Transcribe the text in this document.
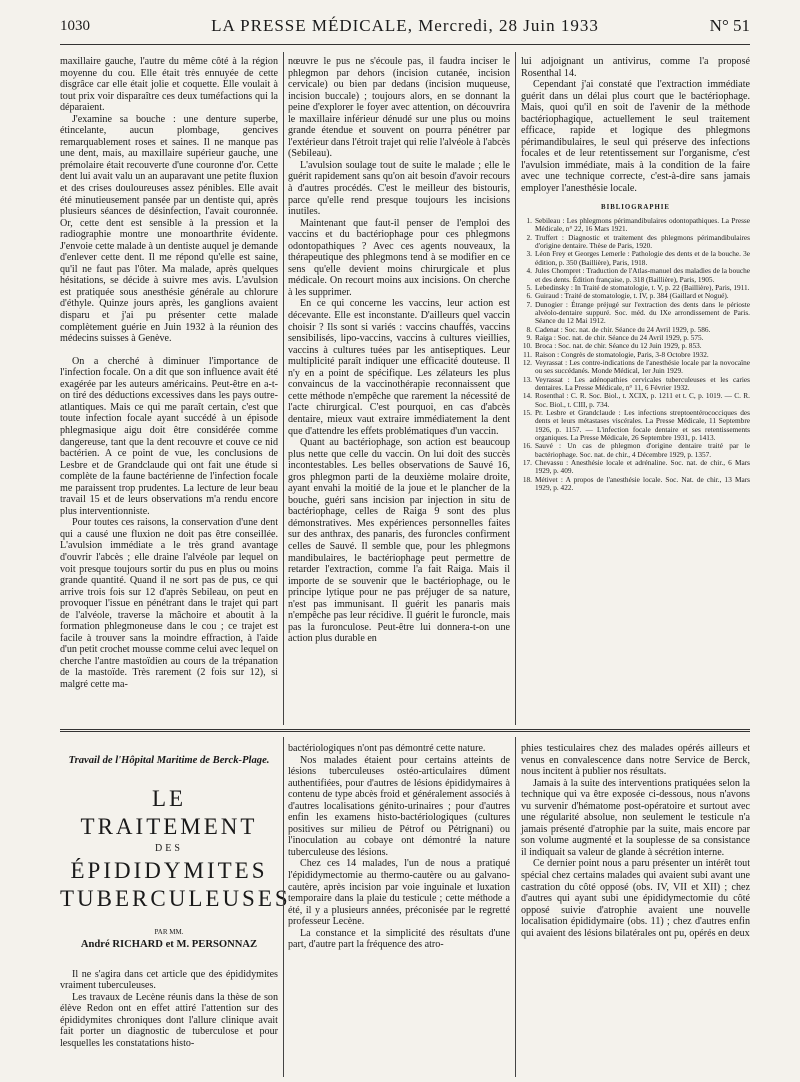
1030	LA PRESSE MÉDICALE, Mercredi, 28 Juin 1933	N° 51

maxillaire gauche, l'autre du même côté à la région moyenne du cou. Elle était très ennuyée de cette disgrâce car elle était jolie et coquette. Elle voulait à tout prix voir disparaître ces deux tuméfactions qui la déparaient.

J'examine sa bouche : une denture superbe, étincelante, aucun plombage, gencives remarquablement roses et saines. Il ne manque pas une dent, mais, au maxillaire supérieur gauche, une prémolaire était recouverte d'une couronne d'or. Cette dent lui avait valu un an auparavant une petite fluxion et des crises douloureuses assez pénibles. Elle avait été minutieusement pansée par un dentiste qui, après plusieurs séances de désinfection, l'avait couronnée. Or, cette dent est sensible à la pression et la radiographie montre une monoarthrite évidente. J'envoie cette malade à un dentiste auquel je demande d'enlever cette dent. Il me répond qu'elle est saine, qu'il ne faut pas l'ôter. Ma malade, après quelques hésitations, se décide à suivre mes avis. L'avulsion est pratiquée sous anesthésie générale au chlorure d'éthyle. Quinze jours après, les ganglions avaient disparu et j'ai pu présenter cette malade complètement guérie en Juin 1932 à la réunion des médecins suisses à Genève.

On a cherché à diminuer l'importance de l'infection focale. On a dit que son influence avait été exagérée par les auteurs américains. Peut-être en a-t-on tiré des déductions excessives dans les pays outre-atlantiques. Mais ce qui me paraît certain, c'est que toute infection focale ayant succédé à un épisode phlegmasique aigu doit être considérée comme dangereuse, tant que la dent recouvre et couve ce nid bactérien. A ce point de vue, les conclusions de Lesbre et de Grandclaude qui ont fait une étude si complète de la faune bactérienne de l'infection focale me paraissent trop prudentes. La lecture de leur beau travail 15 et de leurs observations m'a rendu encore plus interventionniste.

Pour toutes ces raisons, la conservation d'une dent qui a causé une fluxion ne doit pas être conseillée. L'avulsion immédiate a le très grand avantage d'ouvrir l'abcès ; elle draine l'alvéole par lequel on voit presque toujours sortir du pus en plus ou moins grande quantité. Quand il ne sort pas de pus, ce qui arrive trois fois sur 12 d'après Sebileau, on peut en provoquer l'issue en pénétrant dans le trajet qui part de l'alvéole, traverse la mâchoire et aboutit à la formation phlegmoneuse dans le cou ; ce trajet est facile à trouver sans la moindre effraction, à l'aide d'un petit crochet mousse comme celui avec lequel on cherche l'antre mastoïdien au cours de la trépanation de la mastoïde. Très rarement (2 fois sur 12), si malgré cette ma-

nœuvre le pus ne s'écoule pas, il faudra inciser le phlegmon par dehors (incision cutanée, incision cervicale) ou bien par dedans (incision muqueuse, incision buccale) ; toujours alors, en se donnant la peine d'explorer le foyer avec attention, on découvrira le maxillaire inférieur dénudé sur une plus ou moins grande étendue et souvent on pourra pénétrer par l'extérieur dans l'étroit trajet qui relie l'alvéole à l'abcès (Sebileau).

L'avulsion soulage tout de suite le malade ; elle le guérit rapidement sans qu'on ait besoin d'avoir recours à d'autres procédés. C'est le meilleur des bistouris, parce qu'elle rend presque toujours les incisions inutiles.

Maintenant que faut-il penser de l'emploi des vaccins et du bactériophage pour ces phlegmons odontopathiques ? Avec ces agents nouveaux, la thérapeutique des phlegmons tend à se modifier en ce sens qu'elle devient moins chirurgicale et plus médicale. On recourt moins aux incisions. On cherche à les supprimer.

En ce qui concerne les vaccins, leur action est décevante. Elle est inconstante. D'ailleurs quel vaccin choisir ? Ils sont si variés : vaccins chauffés, vaccins sensibilisés, lipo-vaccins, vaccins à cultures vieillies, vaccins à cultures tuées par les antiseptiques. Leur multiplicité paraît indiquer une efficacité douteuse. Il n'y en a point de spécifique. Les zélateurs les plus convaincus de la vaccinothérapie reconnaissent que cette méthode n'empêche que rarement la nécessité de l'acte chirurgical. C'est pourquoi, en cas d'abcès dentaire, mieux vaut extraire immédiatement la dent que d'attendre les effets problématiques d'un vaccin.

Quant au bactériophage, son action est beaucoup plus nette que celle du vaccin. On lui doit des succès incontestables. Les belles observations de Sauvé 16, gros phlegmon parti de la deuxième molaire droite, ayant envahi la moitié de la joue et le plancher de la bouche, guéri sans incision par injection in situ de bactériophage, celles de Raiga 9 sont des plus démonstratives. Mes expériences personnelles faites sur des anthrax, des panaris, des furoncles confirment celles de Sauvé. Il semble que, pour les phlegmons mandibulaires, le bactériophage peut permettre de retarder l'extraction, comme l'a fait Raiga. Mais il importe de se souvenir que le bactériophage, ou le principe lytique pour ne pas préjuger de sa nature, n'est pas immunisant. Il guérit les panaris mais n'empêche pas leur récidive. Il guérit le furoncle, mais pas la furonculose. Peut-être lui donnera-t-on une action plus durable en

lui adjoignant un antivirus, comme l'a proposé Rosenthal 14.

Cependant j'ai constaté que l'extraction immédiate guérit dans un délai plus court que le bactériophage. Mais, quoi qu'il en soit de l'avenir de la méthode bactériophagique, actuellement le seul traitement efficace, rapide et logique des phlegmons périmandibulaires, le seul qui préserve des infections focales et de leur retentissement sur l'organisme, c'est l'avulsion immédiate, mais à la condition de la faire avec une technique correcte, c'est-à-dire sans jamais employer l'anesthésie locale.

BIBLIOGRAPHIE
1. Sebileau : Les phlegmons périmandibulaires odontopathiques. La Presse Médicale, n° 22, 16 Mars 1921.
2. Truffert : Diagnostic et traitement des phlegmons périmandibulaires d'origine dentaire. Thèse de Paris, 1920.
3. Léon Frey et Georges Lemerle : Pathologie des dents et de la bouche. 3e édition, p. 350 (Baillière), Paris, 1918.
4. Jules Chompret : Traduction de l'Atlas-manuel des maladies de la bouche et des dents. Édition française, p. 318 (Baillière), Paris, 1905.
5. Lebedinsky : In Traité de stomatologie, t. V, p. 22 (Baillière), Paris, 1911.
6. Guiraud : Traité de stomatologie, t. IV, p. 384 (Gaillard et Nogué).
7. Dunogier : Étrange préjugé sur l'extraction des dents dans le périoste alvéolo-dentaire suppuré. Soc. méd. du IXe arrondissement de Paris. Séance du 12 Mai 1912.
8. Cadenat : Soc. nat. de chir. Séance du 24 Avril 1929, p. 586.
9. Raiga : Soc. nat. de chir. Séance du 24 Avril 1929, p. 575.
10. Broca : Soc. nat. de chir. Séance du 12 Juin 1929, p. 853.
11. Raison : Congrès de stomatologie, Paris, 3-8 Octobre 1932.
12. Veyrassat : Les contre-indications de l'anesthésie locale par la novocaïne ou ses succédanés. Monde Médical, 1er Juin 1929.
13. Veyrassat : Les adénopathies cervicales tuberculeuses et les caries dentaires. La Presse Médicale, n° 11, 6 Février 1932.
14. Rosenthal : C. R. Soc. Biol., t. XCIX, p. 1211 et t. C, p. 1019. — C. R. Soc. Biol., t. CIII, p. 734.
15. Pr. Lesbre et Grandclaude : Les infections streptoentérococciques des dents et leurs métastases viscérales. La Presse Médicale, 11 Septembre 1926, p. 1157. — L'infection focale dentaire et ses retentissements organiques. La Presse Médicale, 26 Septembre 1931, p. 1413.
16. Sauvé : Un cas de phlegmon d'origine dentaire traité par le bactériophage. Soc. nat. de chir., 4 Décembre 1929, p. 1357.
17. Chevassu : Anesthésie locale et adrénaline. Soc. nat. de chir., 6 Mars 1929, p. 409.
18. Métivet : A propos de l'anesthésie locale. Soc. Nat. de chir., 13 Mars 1929, p. 422.
Travail de l'Hôpital Maritime de Berck-Plage.
LE TRAITEMENT
DES
ÉPIDIDYMITES
TUBERCULEUSES
PAR MM.
André RICHARD et M. PERSONNAZ

Il ne s'agira dans cet article que des épididymites vraiment tuberculeuses.

Les travaux de Lecène réunis dans la thèse de son élève Redon ont en effet attiré l'attention sur des épididymites chroniques dont l'allure clinique avait fait porter un diagnostic de tuberculose et pour lesquelles les constatations histo-

bactériologiques n'ont pas démontré cette nature.

Nos malades étaient pour certains atteints de lésions tuberculeuses ostéo-articulaires dûment authentifiées, pour d'autres de lésions épididymaires à contenu de type abcès froid et généralement associés à d'autres localisations génito-urinaires ; pour d'autres enfin les examens histo-bactériologiques (cultures positives sur milieu de Pétrof ou Pétrignani) ou l'inoculation au cobaye ont démontré la nature tuberculeuse des lésions.

Chez ces 14 malades, l'un de nous a pratiqué l'épididymectomie au thermo-cautère ou au galvano-cautère, après incision par voie inguinale et luxation temporaire dans la plaie du testicule ; cette méthode a été, il y a plusieurs années, préconisée par le regretté professeur Lecène.

La constance et la simplicité des résultats d'une part, d'autre part la fréquence des atro-

phies testiculaires chez des malades opérés ailleurs et venus en convalescence dans notre Service de Berck, nous incitent à publier nos résultats.

Jamais à la suite des interventions pratiquées selon la technique qui va être exposée ci-dessous, nous n'avons vu survenir d'hématome post-opératoire et surtout avec une régularité absolue, non seulement le testicule n'a jamais présenté d'atrophie par la suite, mais encore par son volume augmenté et la souplesse de sa consistance il indiquait sa valeur de glande à sécrétion interne.

Ce dernier point nous a paru présenter un intérêt tout spécial chez certains malades qui avaient subi avant une castration du côté opposé (obs. IV, VII et XII) ; chez d'autres qui ayant subi une épididymectomie du côté opposé suivie d'atrophie avaient une nouvelle localisation épididymaire (obs. 11) ; chez d'autres enfin qui avaient des lésions bilatérales ont pu, opérés en deux
